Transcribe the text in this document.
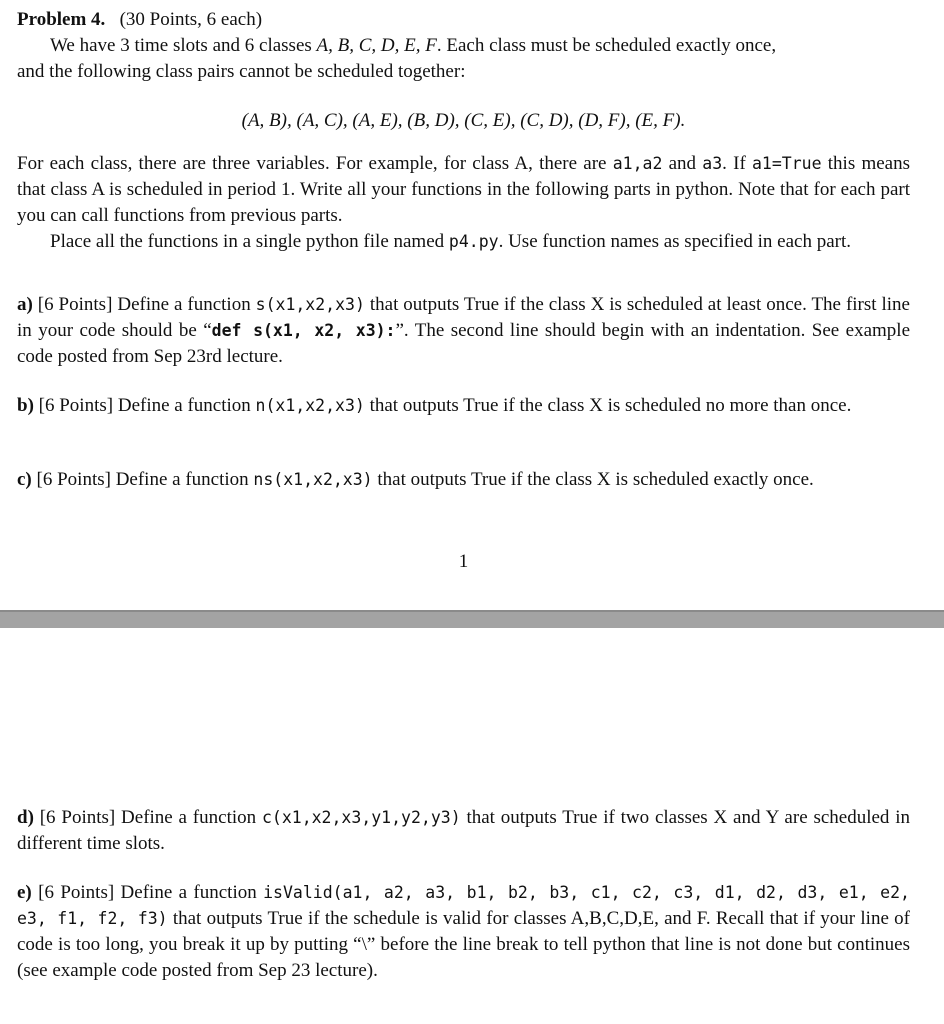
Problem 4. (30 Points, 6 each)

We have 3 time slots and 6 classes A, B, C, D, E, F. Each class must be scheduled exactly once,

and the following class pairs cannot be scheduled together:

(A, B), (A, C), (A, E), (B, D), (C, E), (C, D), (D, F), (E, F).

For each class, there are three variables. For example, for class A, there are a1,a2 and a3. If a1=True this means that class A is scheduled in period 1. Write all your functions in the following parts in python. Note that for each part you can call functions from previous parts.

Place all the functions in a single python file named p4.py. Use function names as specified in each part.

a) [6 Points] Define a function s(x1,x2,x3) that outputs True if the class X is scheduled at least once. The first line in your code should be “def s(x1, x2, x3):”. The second line should begin with an indentation. See example code posted from Sep 23rd lecture.

b) [6 Points] Define a function n(x1,x2,x3) that outputs True if the class X is scheduled no more than once.

c) [6 Points] Define a function ns(x1,x2,x3) that outputs True if the class X is scheduled exactly once.

1

d) [6 Points] Define a function c(x1,x2,x3,y1,y2,y3) that outputs True if two classes X and Y are scheduled in different time slots.

e) [6 Points] Define a function isValid(a1, a2, a3, b1, b2, b3, c1, c2, c3, d1, d2, d3, e1, e2, e3, f1, f2, f3) that outputs True if the schedule is valid for classes A,B,C,D,E, and F. Recall that if your line of code is too long, you break it up by putting “\” before the line break to tell python that line is not done but continues (see example code posted from Sep 23 lecture).
